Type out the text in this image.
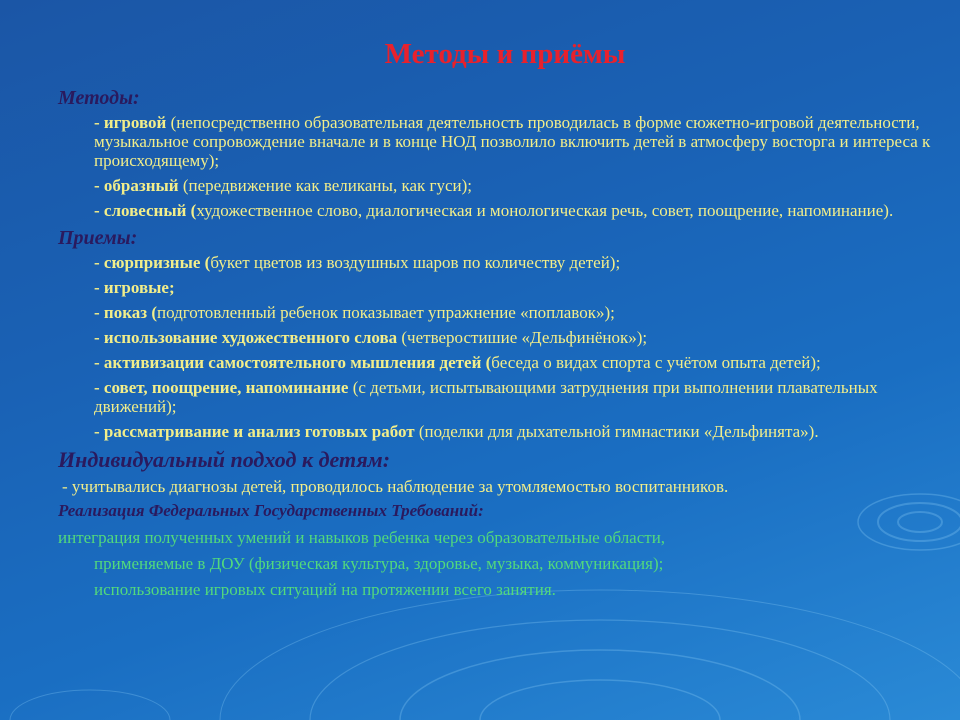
Методы и приёмы
Методы:
- игровой (непосредственно образовательная деятельность проводилась в форме сюжетно-игровой деятельности, музыкальное сопровождение вначале и в конце НОД позволило включить детей в атмосферу восторга и интереса к происходящему);
- образный (передвижение как великаны, как гуси);
- словесный (художественное слово, диалогическая и монологическая речь, совет, поощрение, напоминание).
Приемы:
- сюрпризные (букет цветов из воздушных шаров по количеству детей);
- игровые;
- показ (подготовленный ребенок показывает упражнение «поплавок»);
- использование художественного слова (четверостишие «Дельфинёнок»);
- активизации самостоятельного мышления детей (беседа о видах спорта с учётом опыта детей);
- совет, поощрение, напоминание (с детьми, испытывающими затруднения при выполнении плавательных движений);
- рассматривание и анализ готовых работ (поделки для дыхательной гимнастики «Дельфинята»).
Индивидуальный подход к детям:
- учитывались диагнозы детей, проводилось наблюдение за утомляемостью воспитанников.
Реализация Федеральных Государственных Требований:
интеграция полученных умений и навыков ребенка через образовательные области,
применяемые в ДОУ (физическая культура, здоровье, музыка, коммуникация);
использование игровых ситуаций на протяжении всего занятия.
